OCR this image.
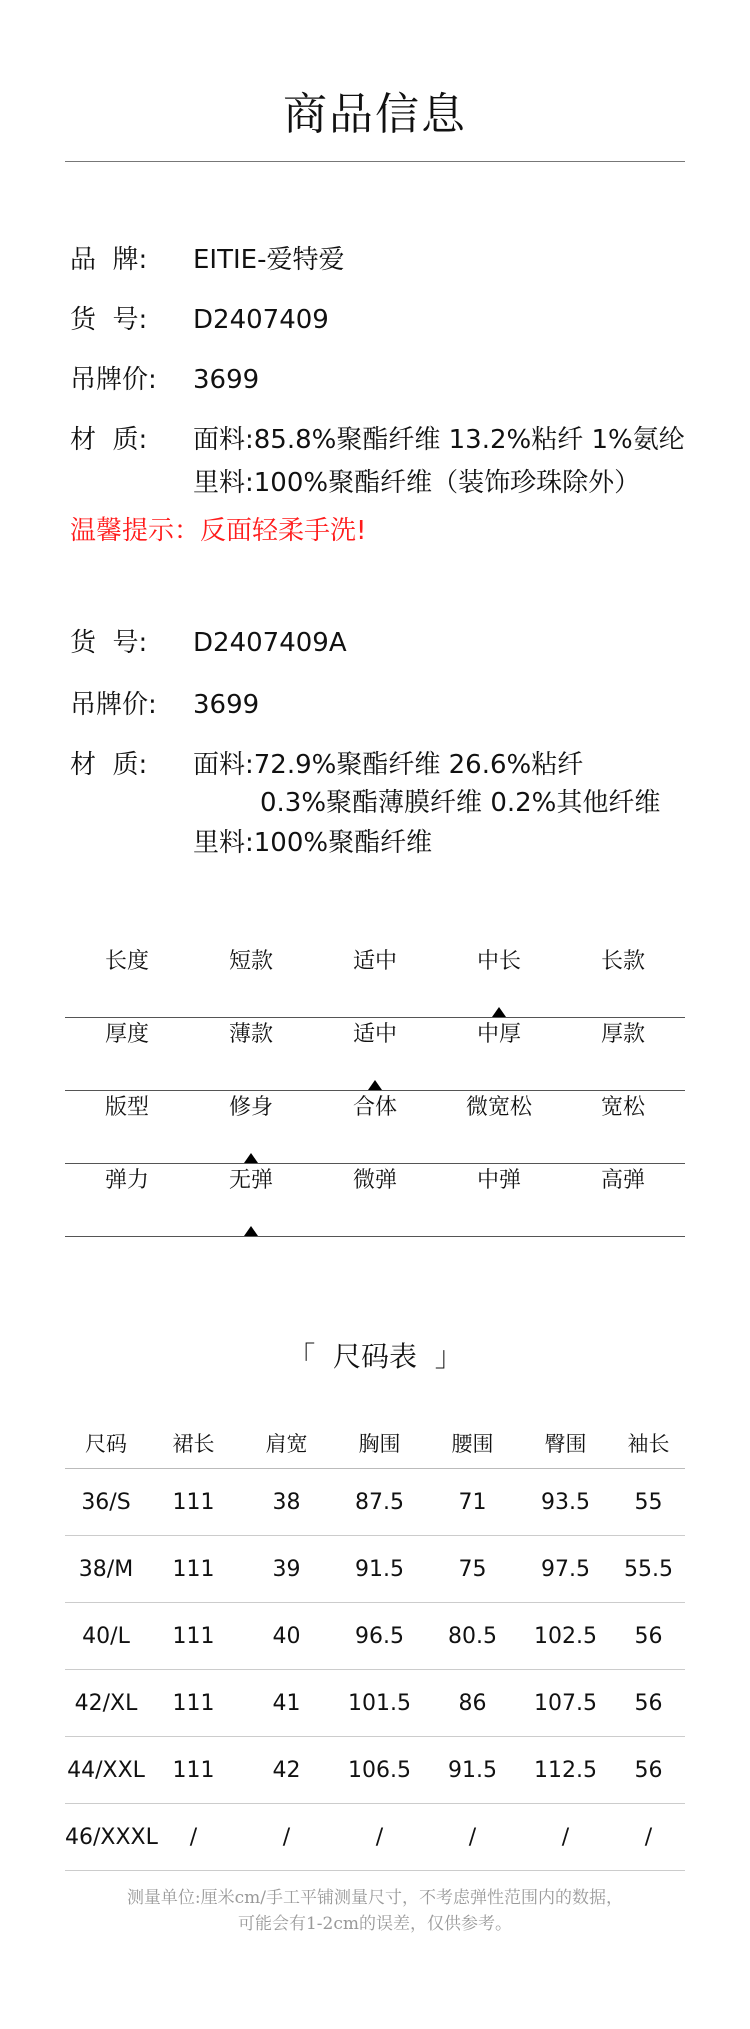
商品信息
品  牌:	EITIE-爱特爱
货  号:	D2407409
吊牌价:	3699
材  质:	面料:85.8%聚酯纤维 13.2%粘纤 1%氨纶
里料:100%聚酯纤维（装饰珍珠除外）
温馨提示：反面轻柔手洗!
货  号:	D2407409A
吊牌价:	3699
材  质:	面料:72.9%聚酯纤维 26.6%粘纤
0.3%聚酯薄膜纤维 0.2%其他纤维
里料:100%聚酯纤维
长度	短款	适中	中长	长款
厚度	薄款	适中	中厚	厚款
版型	修身	合体	微宽松	宽松
弹力	无弹	微弹	中弹	高弹
「  尺码表  」
尺码	裙长	肩宽	胸围	腰围	臀围	袖长
36/S	111	38	87.5	71	93.5	55
38/M	111	39	91.5	75	97.5	55.5
40/L	111	40	96.5	80.5	102.5	56
42/XL	111	41	101.5	86	107.5	56
44/XXL	111	42	106.5	91.5	112.5	56
46/XXXL	/	/	/	/	/	/
测量单位:厘米cm/手工平铺测量尺寸，不考虑弹性范围内的数据，
可能会有1-2cm的误差，仅供参考。
